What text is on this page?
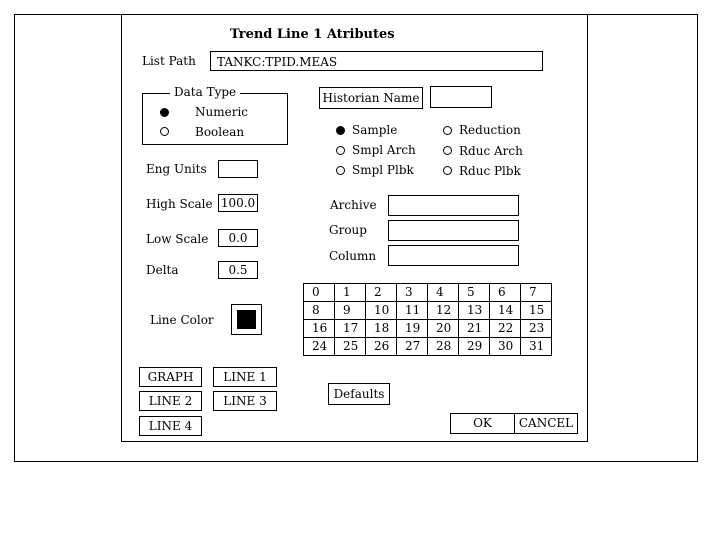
Trend Line 1 Atributes
List Path TANKC:TPID.MEAS
Data Type
Numeric
Boolean
Historian Name
Sample
Smpl Arch
Smpl Plbk
Reduction
Rduc Arch
Rduc Plbk
Eng Units
High Scale 100.0
Low Scale	0.0
Delta	0.5
Archive
Group
Column
0	1	2	3	4	5	6	7
8	9	10	11	12	13	14	15
16	17	18	19	20	21	22	23
24	25	26	27	28	29	30	31
Line Color
GRAPH	LINE 1
LINE 2	LINE 3
LINE 4
Defaults
OK	CANCEL
